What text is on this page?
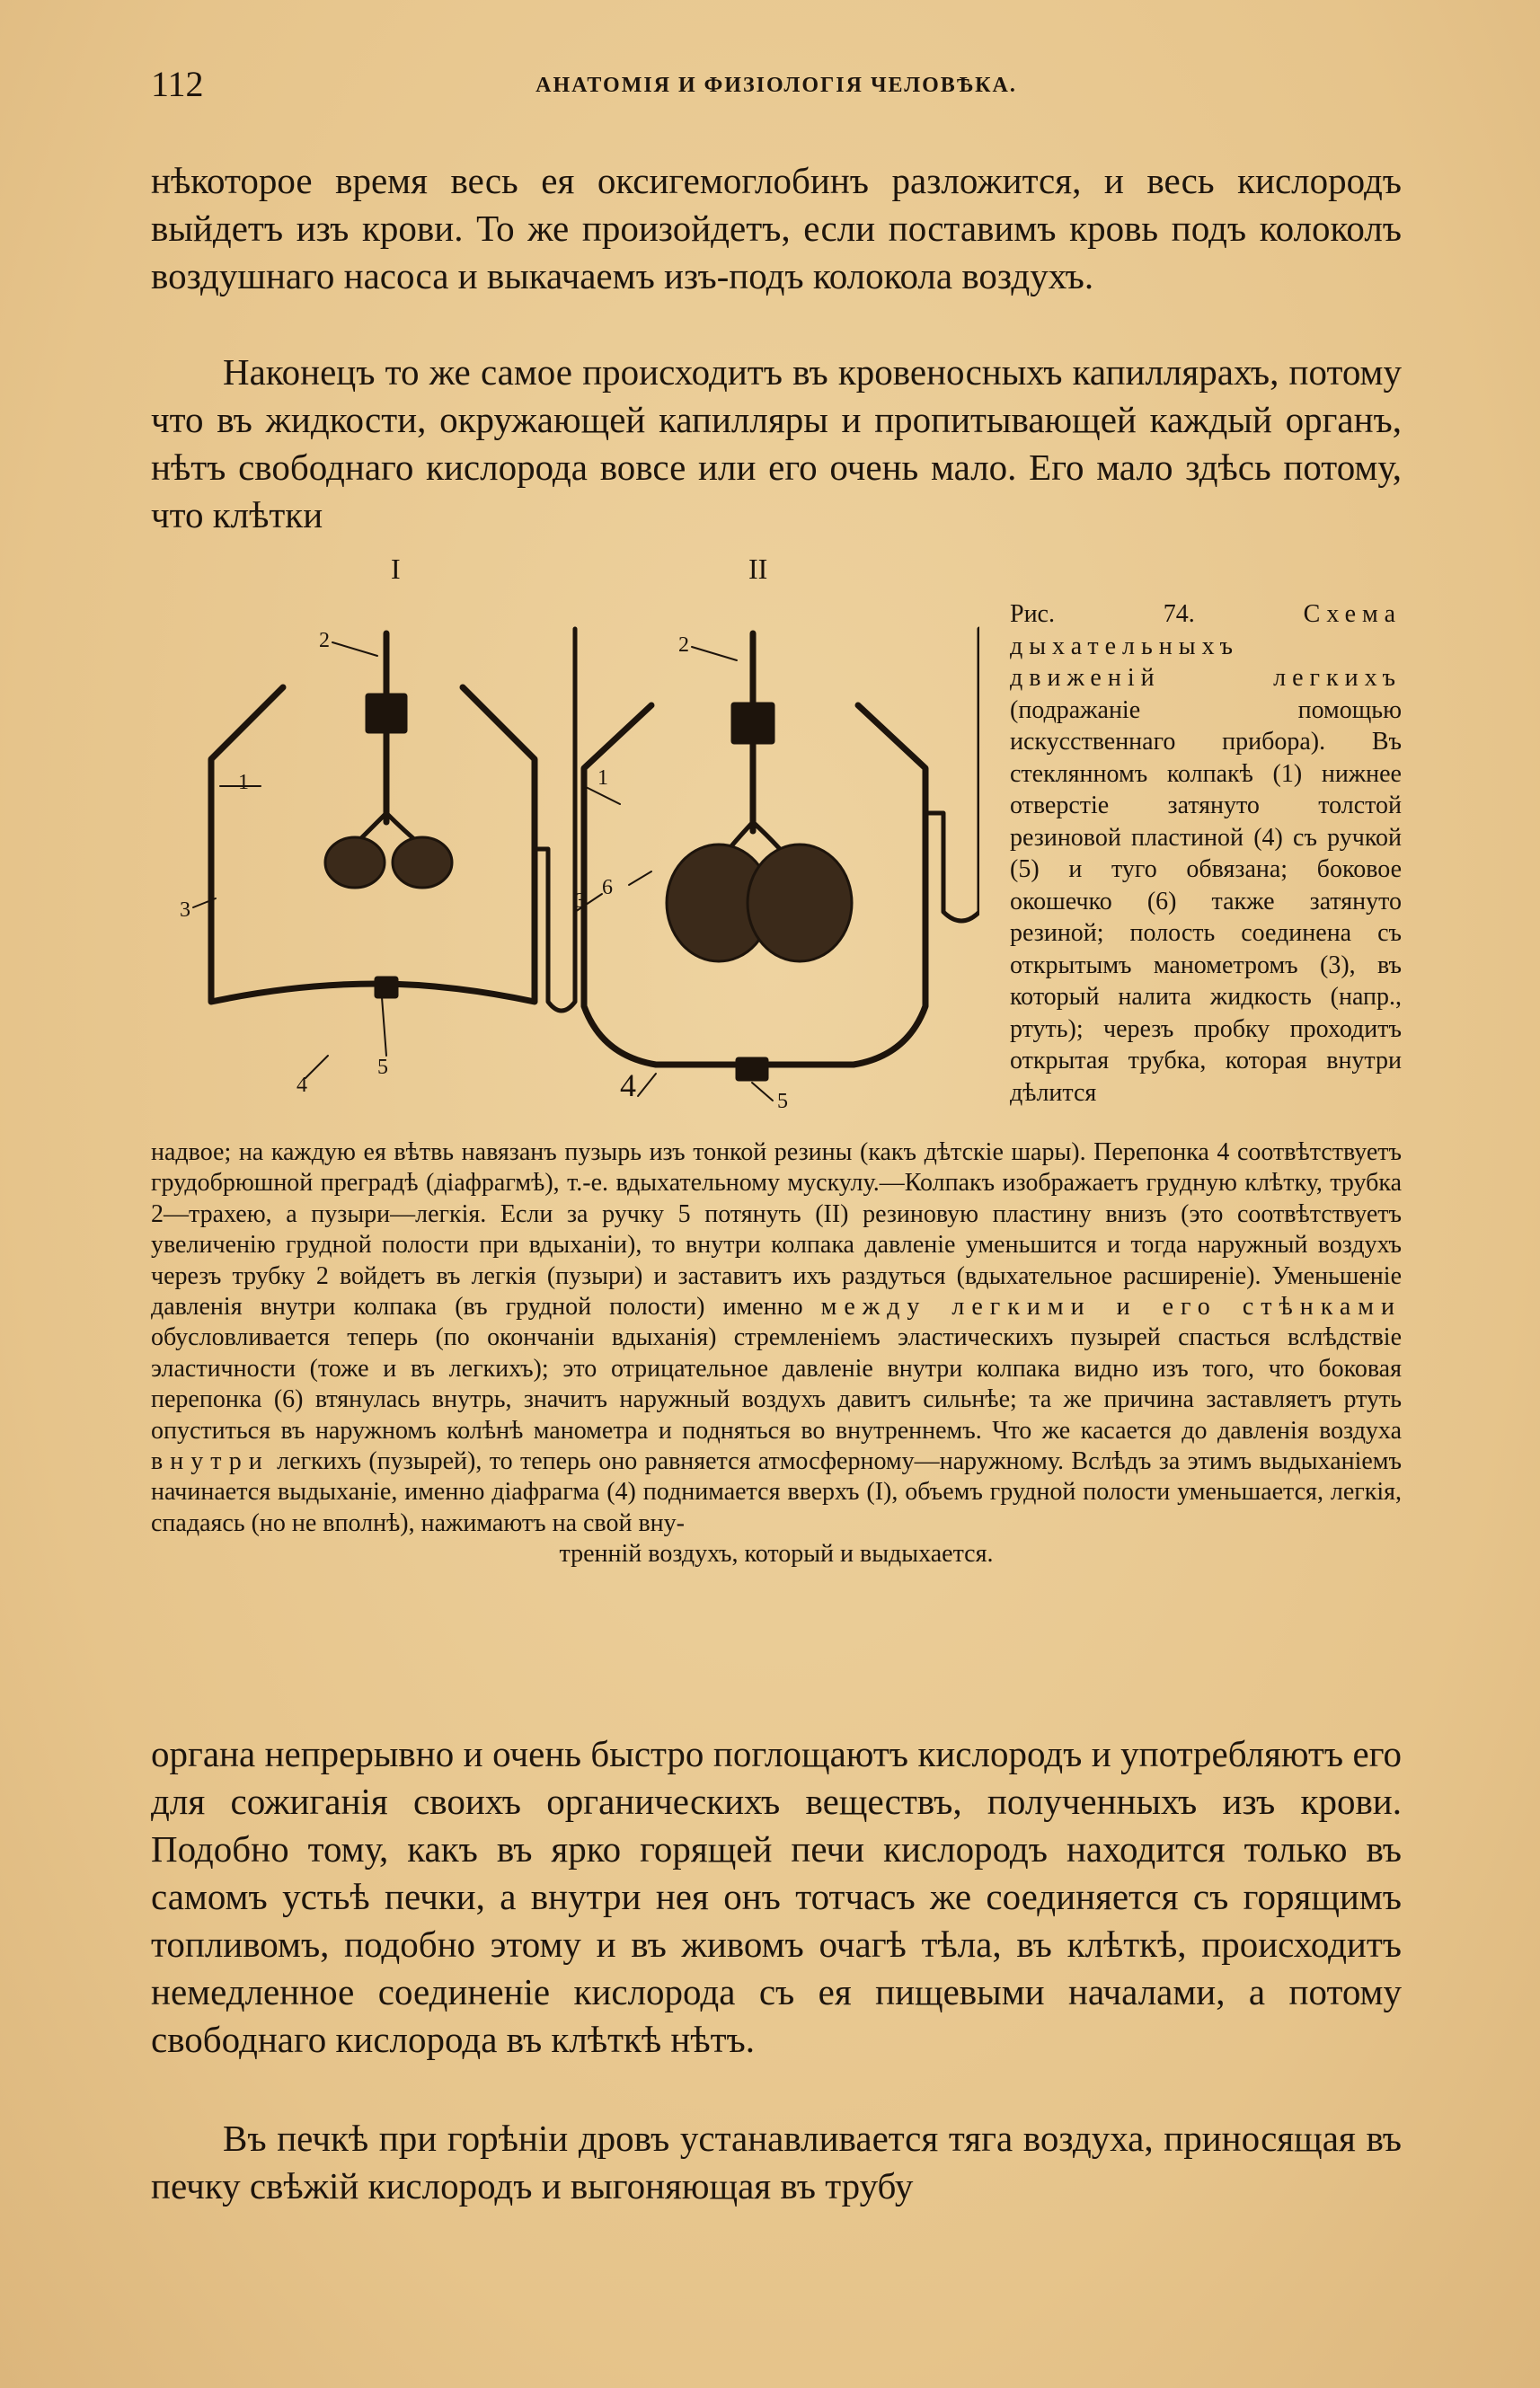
112	АНАТОМІЯ И ФИЗІОЛОГІЯ ЧЕЛОВѢКА.

нѣкоторое время весь ея оксигемоглобинъ разложится, и весь кислородъ выйдетъ изъ крови. То же произойдетъ, если поставимъ кровь подъ колоколъ воздушнаго насоса и выкачаемъ изъ-подъ колокола воздухъ.

Наконецъ то же самое происходитъ въ кровеносныхъ капиллярахъ, потому что въ жидкости, окружающей капилляры и пропитывающей каждый органъ, нѣтъ свободнаго кислорода вовсе или его очень мало. Его мало здѣсь потому, что клѣтки

I	II
2
1
3
3
4
5
2
1
6
4	5
Рис. 74.	Схема дыхательныхъ движеній легкихъ (подражаніе помощью искусственнаго прибора). Въ стеклянномъ колпакѣ (1) нижнее отверстіе затянуто толстой резиновой пластиной (4) съ ручкой (5) и туго обвязана; боковое окошечко (6) также затянуто резиной; полость соединена съ открытымъ манометромъ (3), въ который налита жидкость (напр., ртуть); черезъ пробку проходитъ открытая трубка, которая внутри дѣлится
надвое; на каждую ея вѣтвь навязанъ пузырь изъ тонкой резины (какъ дѣтскіе шары). Перепонка 4 соотвѣтствуетъ грудобрюшной преградѣ (діафрагмѣ), т.-е. вдыхательному мускулу.—Колпакъ изображаетъ грудную клѣтку, трубка 2—трахею, а пузыри—легкія. Если за ручку 5 потянуть (II) резиновую пластину внизъ (это соотвѣтствуетъ увеличенію грудной полости при вдыханіи), то внутри колпака давленіе уменьшится и тогда наружный воздухъ черезъ трубку 2 войдетъ въ легкія (пузыри) и заставитъ ихъ раздуться (вдыхательное расширеніе). Уменьшеніе давленія внутри колпака (въ грудной полости) именно между легкими и его стѣнками обусловливается теперь (по окончаніи вдыханія) стремленіемъ эластическихъ пузырей спасться вслѣдствіе эластичности (тоже и въ легкихъ); это отрицательное давленіе внутри колпака видно изъ того, что боковая перепонка (6) втянулась внутрь, значитъ наружный воздухъ давитъ сильнѣе; та же причина заставляетъ ртуть опуститься въ наружномъ колѣнѣ манометра и подняться во внутреннемъ. Что же касается до давленія воздуха внутри легкихъ (пузырей), то теперь оно равняется атмосферному—наружному. Вслѣдъ за этимъ выдыханіемъ начинается выдыханіе, именно діафрагма (4) поднимается вверхъ (I), объемъ грудной полости уменьшается, легкія, спадаясь (но не вполнѣ), нажимаютъ на свой вну-
тренній воздухъ, который и выдыхается.

органа непрерывно и очень быстро поглощаютъ кислородъ и употребляютъ его для сожиганія своихъ органическихъ веществъ, полученныхъ изъ крови. Подобно тому, какъ въ ярко горящей печи кислородъ находится только въ самомъ устьѣ печки, а внутри нея онъ тотчасъ же соединяется съ горящимъ топливомъ, подобно этому и въ живомъ очагѣ тѣла, въ клѣткѣ, происходитъ немедленное соединеніе кислорода съ ея пищевыми началами, а потому свободнаго кислорода въ клѣткѣ нѣтъ.

Въ печкѣ при горѣніи дровъ устанавливается тяга воздуха, приносящая въ печку свѣжій кислородъ и выгоняющая въ трубу
